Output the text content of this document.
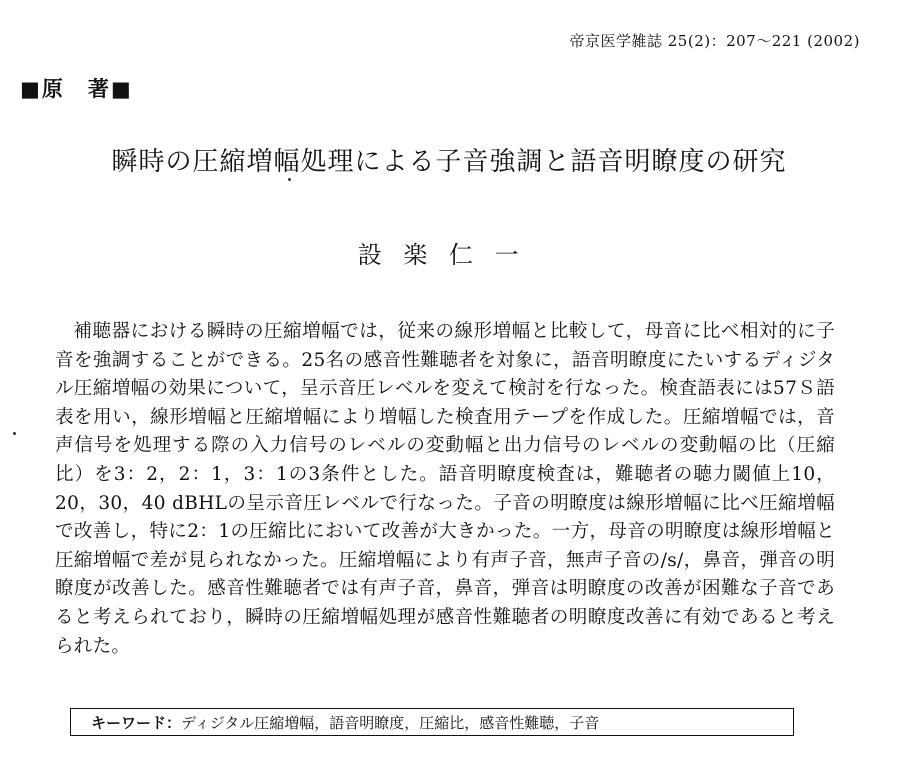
帝京医学雑誌 25(2)：207〜221 (2002)
■原　著■
瞬時の圧縮増幅処理による子音強調と語音明瞭度の研究
設楽仁一

補聴器における瞬時の圧縮増幅では，従来の線形増幅と比較して，母音に比べ相対的に子音を強調することができる。25名の感音性難聴者を対象に，語音明瞭度にたいするディジタル圧縮増幅の効果について，呈示音圧レベルを変えて検討を行なった。検査語表には57Ｓ語表を用い，線形増幅と圧縮増幅により増幅した検査用テープを作成した。圧縮増幅では，音声信号を処理する際の入力信号のレベルの変動幅と出力信号のレベルの変動幅の比（圧縮比）を3：2，2：1，3：1の3条件とした。語音明瞭度検査は，難聴者の聴力閾値上10，20，30，40 dBHLの呈示音圧レベルで行なった。子音の明瞭度は線形増幅に比べ圧縮増幅で改善し，特に2：1の圧縮比において改善が大きかった。一方，母音の明瞭度は線形増幅と圧縮増幅で差が見られなかった。圧縮増幅により有声子音，無声子音の/s/，鼻音，弾音の明瞭度が改善した。感音性難聴者では有声子音，鼻音，弾音は明瞭度の改善が困難な子音であると考えられており，瞬時の圧縮増幅処理が感音性難聴者の明瞭度改善に有効であると考えられた。

キーワード：ディジタル圧縮増幅，語音明瞭度，圧縮比，感音性難聴，子音
